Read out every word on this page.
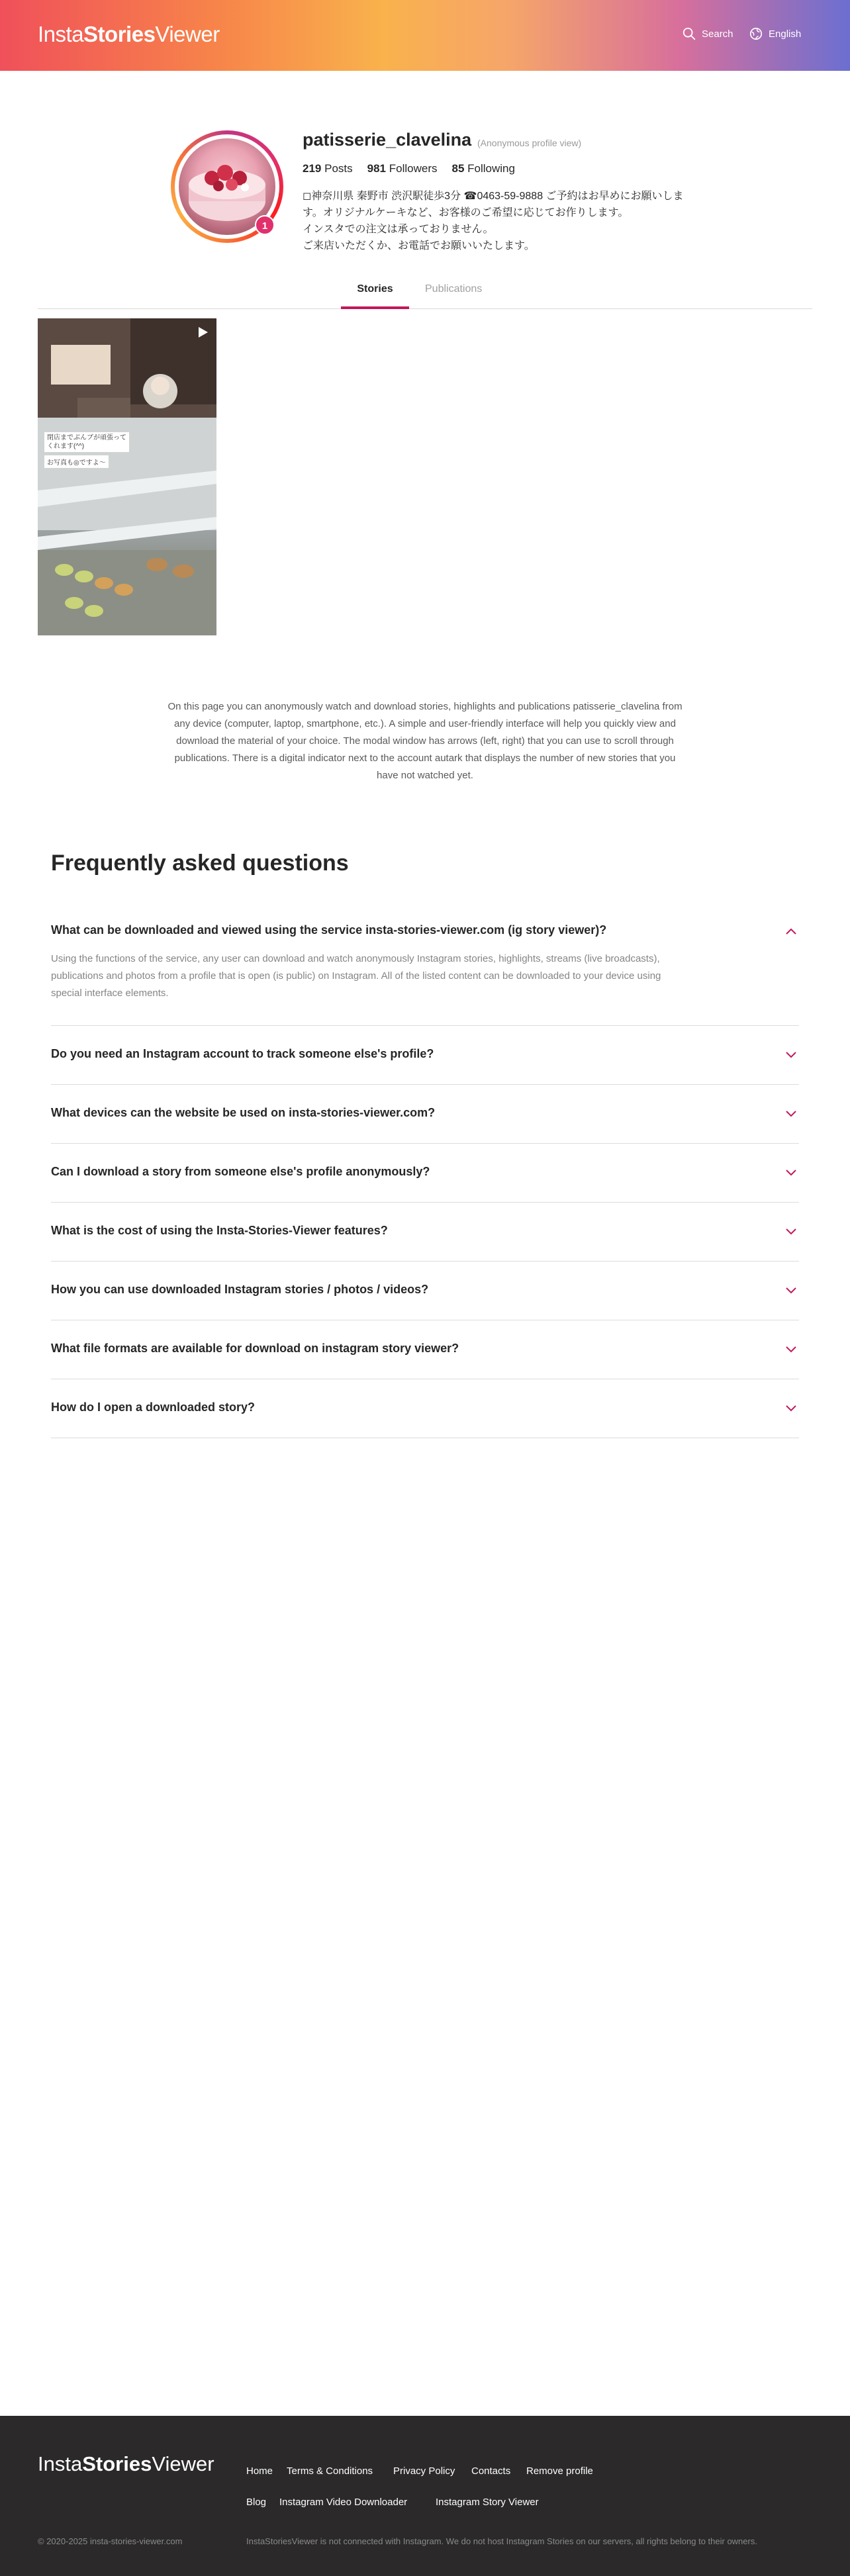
InstaStoriesViewer	Search	English
1
patisserie_clavelina (Anonymous profile view)
219 Posts 981 Followers 85 Following
◻︎神奈川県 秦野市 渋沢駅徒歩3分 ☎︎0463-59-9888 ご予約はお早めにお願いします。オリジナルケーキなど、お客様のご希望に応じてお作りします。
インスタでの注文は承っておりません。
ご来店いただくか、お電話でお願いいたします。
Stories	Publications
閉店までぶんブが頑張って
くれます(^^)
お写真も◎ですよ～
On this page you can anonymously watch and download stories, highlights and publications patisserie_clavelina from any device (computer, laptop, smartphone, etc.). A simple and user-friendly interface will help you quickly view and download the material of your choice. The modal window has arrows (left, right) that you can use to scroll through publications. There is a digital indicator next to the account autark that displays the number of new stories that you have not watched yet.
Frequently asked questions
What can be downloaded and viewed using the service insta-stories-viewer.com (ig story viewer)?
Using the functions of the service, any user can download and watch anonymously Instagram stories, highlights, streams (live broadcasts), publications and photos from a profile that is open (is public) on Instagram. All of the listed content can be downloaded to your device using special interface elements.
Do you need an Instagram account to track someone else's profile?
What devices can the website be used on insta-stories-viewer.com?
Can I download a story from someone else's profile anonymously?
What is the cost of using the Insta-Stories-Viewer features?
How you can use downloaded Instagram stories / photos / videos?
What file formats are available for download on instagram story viewer?
How do I open a downloaded story?
InstaStoriesViewer	Home Terms & Conditions Privacy Policy Contacts Remove profile
Blog Instagram Video Downloader	Instagram Story Viewer
© 2020-2025 insta-stories-viewer.com	InstaStoriesViewer is not connected with Instagram. We do not host Instagram Stories on our servers, all rights belong to their owners.
